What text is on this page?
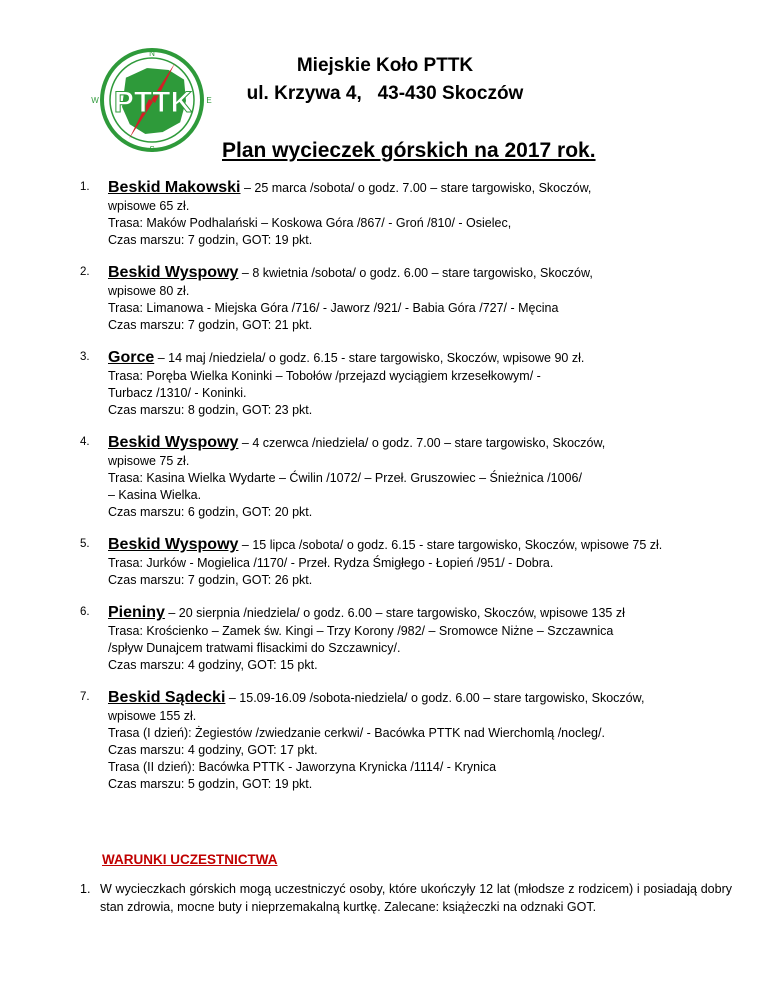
N
E
S
W PTTK
Miejskie Koło PTTK
ul. Krzywa 4,   43-430 Skoczów
Plan wycieczek górskich na 2017 rok.
1. Beskid Makowski – 25 marca /sobota/ o godz. 7.00 – stare targowisko, Skoczów,
wpisowe 65 zł.
Trasa: Maków Podhalański – Koskowa Góra /867/ - Groń /810/ - Osielec,
Czas marszu: 7 godzin, GOT: 19 pkt.
2. Beskid Wyspowy – 8 kwietnia /sobota/ o godz. 6.00 – stare targowisko, Skoczów,
wpisowe 80 zł.
Trasa: Limanowa - Miejska Góra /716/ - Jaworz /921/ - Babia Góra /727/ - Męcina
Czas marszu: 7 godzin, GOT: 21 pkt.
3. Gorce – 14 maj /niedziela/ o godz. 6.15 - stare targowisko, Skoczów, wpisowe 90 zł.
Trasa: Poręba Wielka Koninki – Tobołów /przejazd wyciągiem krzesełkowym/ -
Turbacz /1310/ - Koninki.
Czas marszu: 8 godzin, GOT: 23 pkt.
4. Beskid Wyspowy – 4 czerwca /niedziela/ o godz. 7.00 – stare targowisko, Skoczów,
wpisowe 75 zł.
Trasa: Kasina Wielka Wydarte – Ćwilin /1072/ – Przeł. Gruszowiec – Śnieżnica /1006/
– Kasina Wielka.
Czas marszu: 6 godzin, GOT: 20 pkt.
5. Beskid Wyspowy – 15 lipca /sobota/ o godz. 6.15 - stare targowisko, Skoczów, wpisowe 75 zł.
Trasa: Jurków - Mogielica /1170/ - Przeł. Rydza Śmigłego - Łopień /951/ - Dobra.
Czas marszu: 7 godzin, GOT: 26 pkt.
6. Pieniny – 20 sierpnia /niedziela/ o godz. 6.00 – stare targowisko, Skoczów, wpisowe 135 zł
Trasa: Krościenko – Zamek św. Kingi – Trzy Korony /982/ – Sromowce Niżne – Szczawnica
/spływ Dunajcem tratwami flisackimi do Szczawnicy/.
Czas marszu: 4 godziny, GOT: 15 pkt.
7. Beskid Sądecki – 15.09-16.09 /sobota-niedziela/ o godz. 6.00 – stare targowisko, Skoczów,
wpisowe 155 zł.
Trasa (I dzień): Żegiestów /zwiedzanie cerkwi/ - Bacówka PTTK nad Wierchomlą /nocleg/.
Czas marszu: 4 godziny, GOT: 17 pkt.
Trasa (II dzień): Bacówka PTTK - Jaworzyna Krynicka /1114/ - Krynica
Czas marszu: 5 godzin, GOT: 19 pkt.
WARUNKI UCZESTNICTWA
1. W wycieczkach górskich mogą uczestniczyć osoby, które ukończyły 12 lat (młodsze z rodzicem) i posiadają dobry stan zdrowia, mocne buty i nieprzemakalną kurtkę. Zalecane: książeczki na odznaki GOT.
